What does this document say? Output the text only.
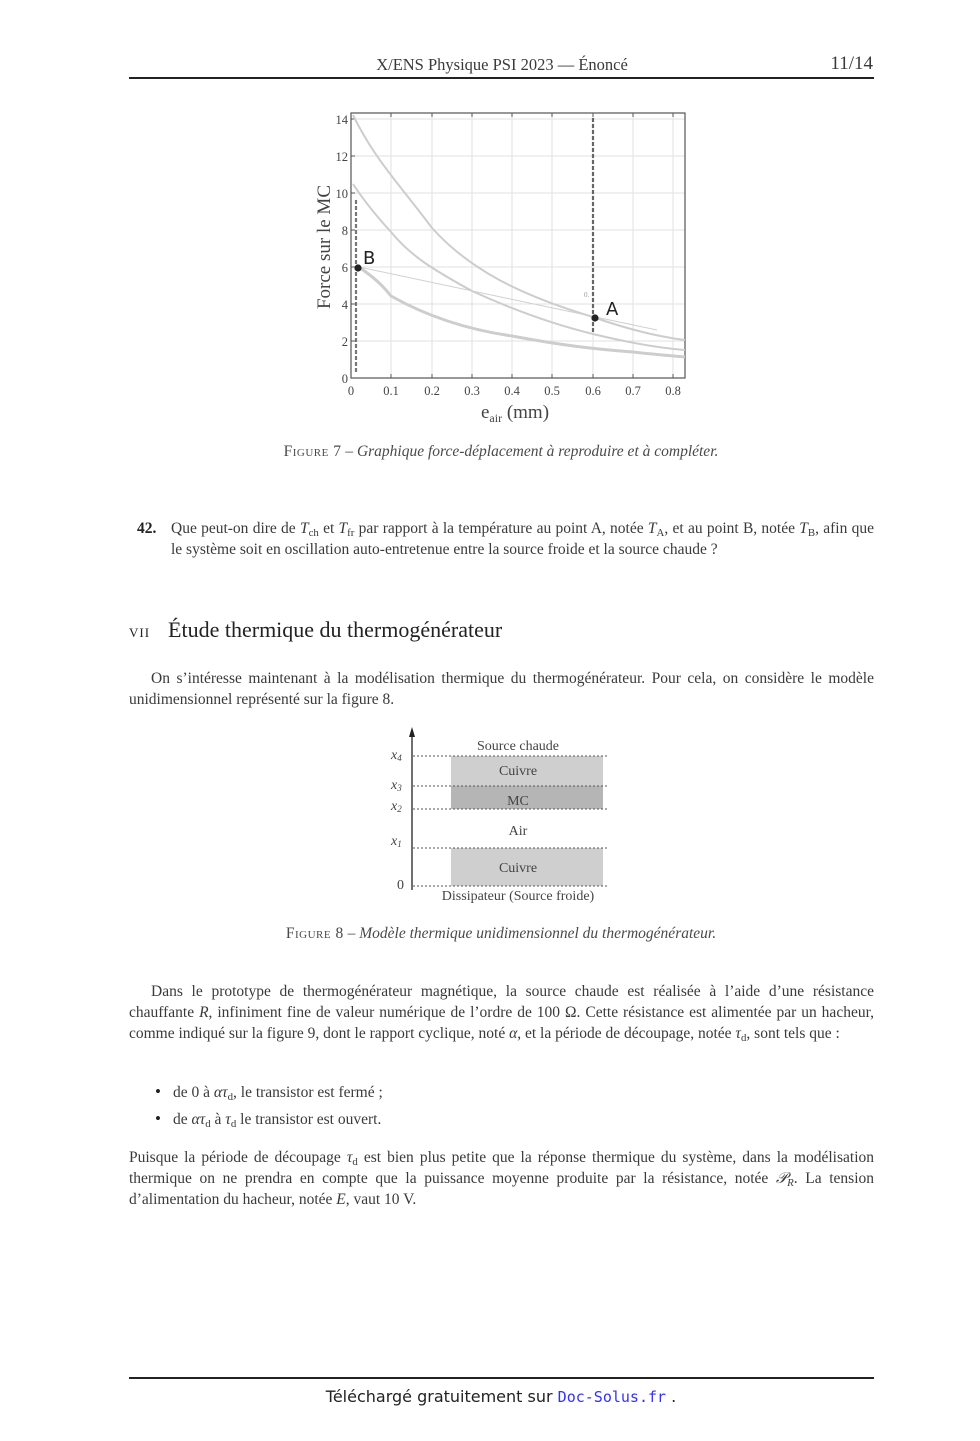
X/ENS Physique PSI 2023 — Énoncé	11/14
B
A
0.
0 0.1 0.2 0.3 0.4 0.5 0.6 0.7 0.8
0
2
4
6
8
10
12
14
$e_{air}$ (mm)
Force sur le MC
Figure 7 – Graphique force-déplacement à reproduire et à compléter.
42. Que peut-on dire de $T_{ch}$ et $T_{fr}$ par rapport à la température au point A, notée $T_A$, et au point B, notée $T_B$, afin que le système soit en oscillation auto-entretenue entre la source froide et la source chaude ?
vii Étude thermique du thermogénérateur
On s’intéresse maintenant à la modélisation thermique du thermogénérateur. Pour cela, on considère le modèle unidimensionnel représenté sur la figure 8.
Source chaude
Cuivre
MC
Air
Cuivre
Dissipateur (Source froide)
x4
x3
x2
x1
0
Figure 8 – Modèle thermique unidimensionnel du thermogénérateur.
Dans le prototype de thermogénérateur magnétique, la source chaude est réalisée à l’aide d’une résistance chauffante R, infiniment fine de valeur numérique de l’ordre de 100 Ω. Cette résistance est alimentée par un hacheur, comme indiqué sur la figure 9, dont le rapport cyclique, noté α, et la période de découpage, notée $\tau_d$, sont tels que :
• de 0 à $\alpha\tau_d$, le transistor est fermé ;
• de $\alpha\tau_d$ à $\tau_d$ le transistor est ouvert.
Puisque la période de découpage $\tau_d$ est bien plus petite que la réponse thermique du système, dans la modélisation thermique on ne prendra en compte que la puissance moyenne produite par la résistance, notée 𝒫$_R$. La tension d’alimentation du hacheur, notée E, vaut 10 V.
Téléchargé gratuitement sur Doc-Solus.fr .
